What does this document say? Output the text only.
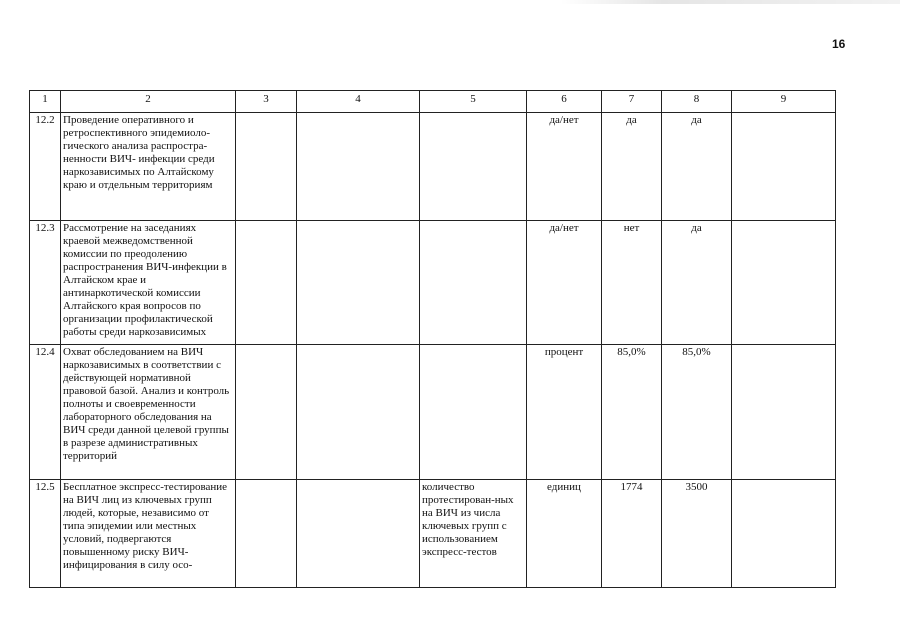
16
1	2	3	4	5	6	7	8	9
12.2	Проведение оперативного и ретроспективного эпидемиоло-гического анализа распростра-ненности ВИЧ- инфекции среди наркозависимых по Алтайскому краю и отдельным территориям				да/нет	да	да	
12.3	Рассмотрение на заседаниях краевой межведомственной комиссии по преодолению распространения ВИЧ-инфекции в Алтайском крае и антинаркотической комиссии Алтайского края вопросов по организации профилактической работы среди наркозависимых				да/нет	нет	да	
12.4	Охват обследованием на ВИЧ наркозависимых в соответствии с действующей нормативной правовой базой. Анализ и контроль полноты и своевременности лабораторного обследования на ВИЧ среди данной целевой группы в разрезе административных территорий				процент	85,0%	85,0%	
12.5	Бесплатное экспресс-тестирование на ВИЧ лиц из ключевых групп людей, которые, независимо от типа эпидемии или местных условий, подвергаются повышенному риску ВИЧ-инфицирования в силу осо-			количество протестирован-ных на ВИЧ из числа ключевых групп с использованием экспресс-тестов	единиц	1774	3500	
